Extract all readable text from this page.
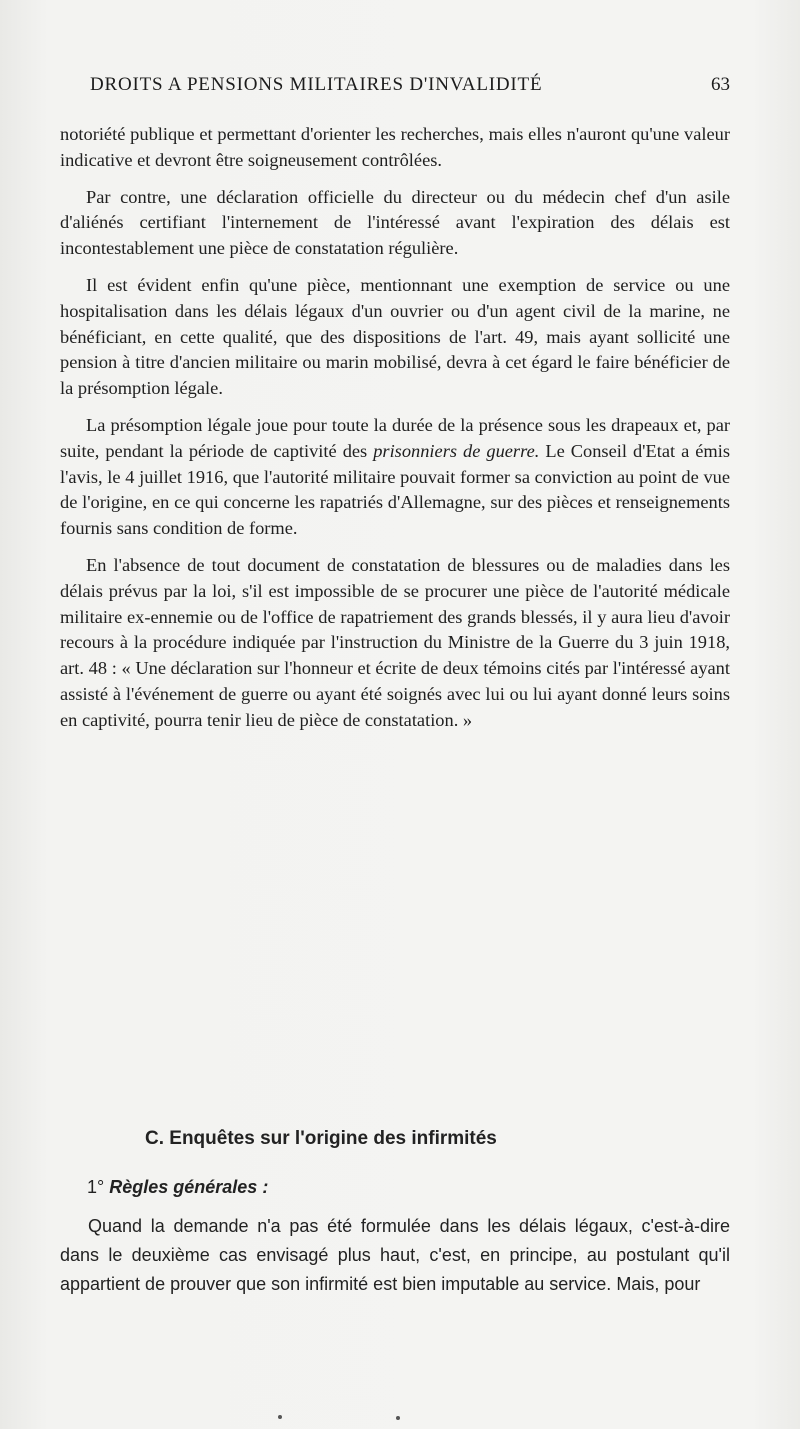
DROITS A PENSIONS MILITAIRES D'INVALIDITÉ	63

notoriété publique et permettant d'orienter les recherches, mais elles n'auront qu'une valeur indicative et devront être soigneusement contrôlées.

Par contre, une déclaration officielle du directeur ou du médecin chef d'un asile d'aliénés certifiant l'internement de l'intéressé avant l'expiration des délais est incontestablement une pièce de constatation régulière.

Il est évident enfin qu'une pièce, mentionnant une exemption de service ou une hospitalisation dans les délais légaux d'un ouvrier ou d'un agent civil de la marine, ne bénéficiant, en cette qualité, que des dispositions de l'art. 49, mais ayant sollicité une pension à titre d'ancien militaire ou marin mobilisé, devra à cet égard le faire bénéficier de la présomption légale.

La présomption légale joue pour toute la durée de la présence sous les drapeaux et, par suite, pendant la période de captivité des prisonniers de guerre. Le Conseil d'Etat a émis l'avis, le 4 juillet 1916, que l'autorité militaire pouvait former sa conviction au point de vue de l'origine, en ce qui concerne les rapatriés d'Allemagne, sur des pièces et renseignements fournis sans condition de forme.

En l'absence de tout document de constatation de blessures ou de maladies dans les délais prévus par la loi, s'il est impossible de se procurer une pièce de l'autorité médicale militaire ex-ennemie ou de l'office de rapatriement des grands blessés, il y aura lieu d'avoir recours à la procédure indiquée par l'instruction du Ministre de la Guerre du 3 juin 1918, art. 48 : « Une déclaration sur l'honneur et écrite de deux témoins cités par l'intéressé ayant assisté à l'événement de guerre ou ayant été soignés avec lui ou lui ayant donné leurs soins en captivité, pourra tenir lieu de pièce de constatation. »

C. Enquêtes sur l'origine des infirmités
1° Règles générales :
Quand la demande n'a pas été formulée dans les délais légaux, c'est-à-dire dans le deuxième cas envisagé plus haut, c'est, en principe, au postulant qu'il appartient de prouver que son infirmité est bien imputable au service. Mais, pour
